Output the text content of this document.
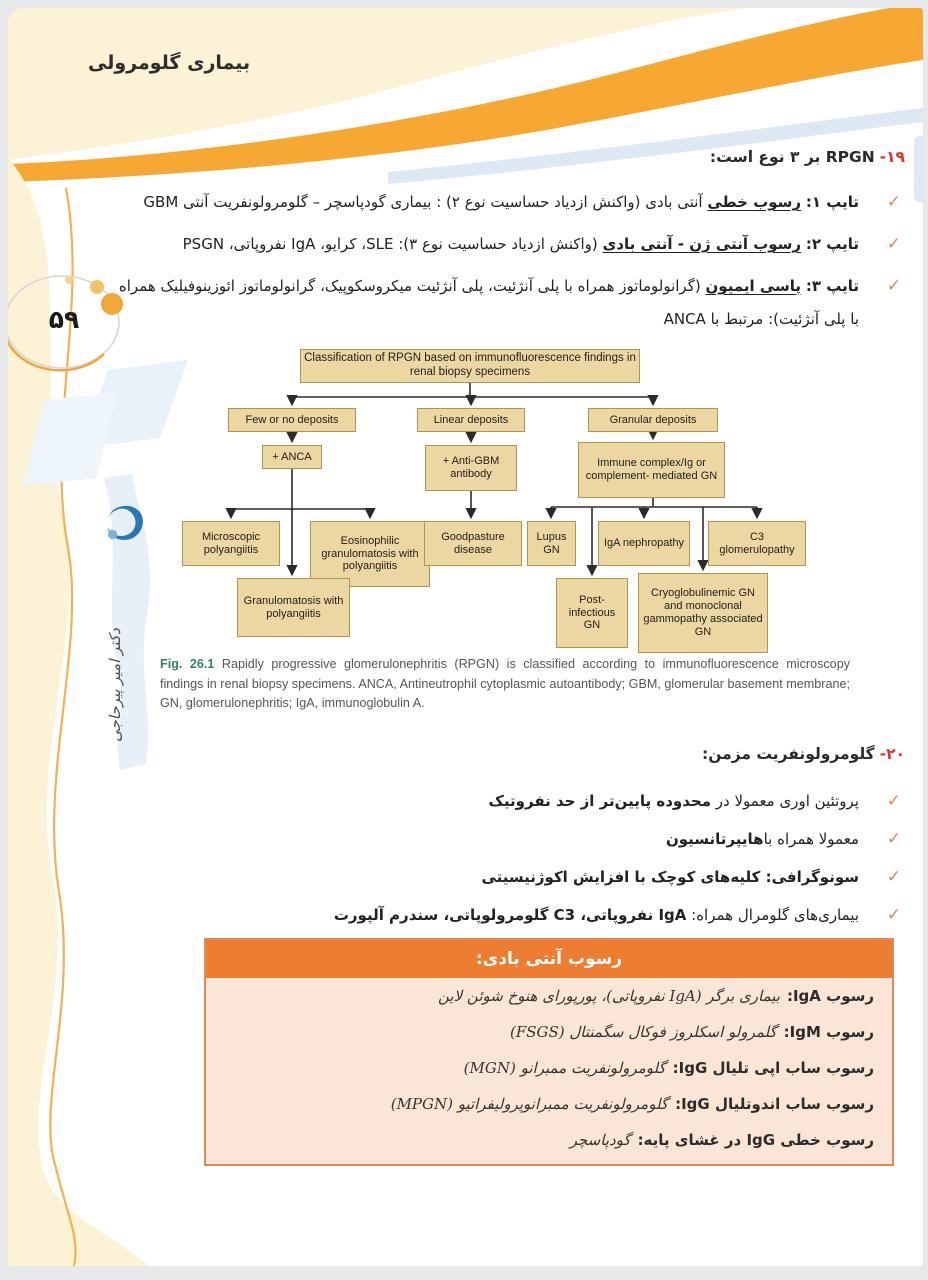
بیماری گلومرولی
۵۹
دکتر امیر پیرحاجی
۱۹- RPGN بر ۳ نوع است:
✓
تایپ ۱: رسوب خطی آنتی بادی (واکنش ازدیاد حساسیت نوع ۲) : بیماری گودپاسچر – گلومرولونفریت آنتی GBM
✓
تایپ ۲: رسوب آنتی ژن - آنتی بادی (واکنش ازدیاد حساسیت نوع ۳): SLE، کرایو، IgA نفروپاتی، PSGN
✓
تایپ ۳: پاسی ایمیون (گرانولوماتوز همراه با پلی آنژئیت، پلی آنژئیت میکروسکوپیک، گرانولوماتوز ائوزینوفیلیک همراه با پلی آنژئیت): مرتبط با ANCA
Classification of RPGN based on immunofluorescence findings in renal biopsy specimens
Few or no deposits	Linear deposits	Granular deposits
+ ANCA	+ Anti-GBM antibody
Immune complex/Ig or complement- mediated GN
Microscopic polyangiitis
Eosinophilic granulomatosis with polyangiitis
Goodpasture disease
Lupus GN
IgA nephropathy
C3 glomerulopathy
Granulomatosis with polyangiitis
Post- infectious GN
Cryoglobulinemic GN and monoclonal gammopathy associated GN
Fig. 26.1 Rapidly progressive glomerulonephritis (RPGN) is classified according to immunofluorescence microscopy findings in renal biopsy specimens. ANCA, Antineutrophil cytoplasmic autoantibody; GBM, glomerular basement membrane; GN, glomerulonephritis; IgA, immunoglobulin A.
۲۰- گلومرولونفریت مزمن:
✓
پروتئین اوری معمولا در محدوده پایین‌تر از حد نفروتیک
✓
معمولا همراه باهایپرتانسیون
✓
سونوگرافی: کلیه‌های کوچک با افزایش اکوژنیسیتی
✓
بیماری‌های گلومرال همراه: IgA نفروپاتی، C3 گلومرولوپاتی، سندرم آلپورت
رسوب آنتی بادی:
رسوب IgA:
بیماری برگر (IgA نفروپاتی)، پورپورای هنوخ شوئن لاین
رسوب IgM:
گلمرولو اسکلروز فوکال سگمنتال (FSGS)
رسوب ساب اپی تلیال IgG:
گلومرولونفریت ممبرانو (MGN)
رسوب ساب اندوتلیال IgG:
گلومرولونفریت ممبرانوپرولیفراتیو (MPGN)
رسوب خطی IgG در غشای پایه:
گودپاسچر
